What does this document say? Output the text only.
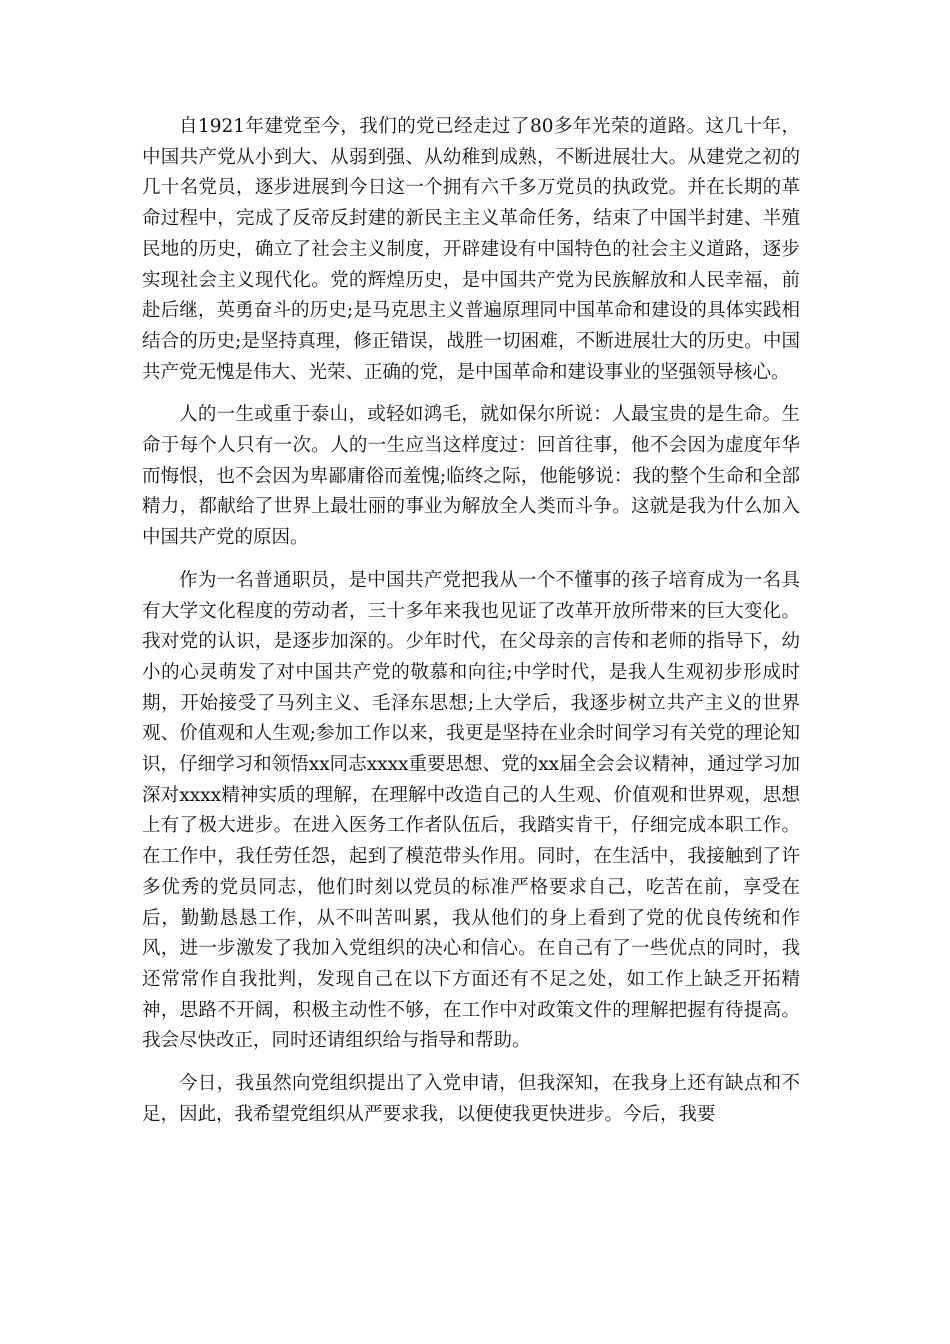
自1921年建党至今，我们的党已经走过了80多年光荣的道路。这几十年，中国共产党从小到大、从弱到强、从幼稚到成熟，不断进展壮大。从建党之初的几十名党员，逐步进展到今日这一个拥有六千多万党员的执政党。并在长期的革命过程中，完成了反帝反封建的新民主主义革命任务，结束了中国半封建、半殖民地的历史，确立了社会主义制度，开辟建设有中国特色的社会主义道路，逐步实现社会主义现代化。党的辉煌历史，是中国共产党为民族解放和人民幸福，前赴后继，英勇奋斗的历史;是马克思主义普遍原理同中国革命和建设的具体实践相结合的历史;是坚持真理，修正错误，战胜一切困难，不断进展壮大的历史。中国共产党无愧是伟大、光荣、正确的党，是中国革命和建设事业的坚强领导核心。

人的一生或重于泰山，或轻如鸿毛，就如保尔所说：人最宝贵的是生命。生命于每个人只有一次。人的一生应当这样度过：回首往事，他不会因为虚度年华而悔恨，也不会因为卑鄙庸俗而羞愧;临终之际，他能够说：我的整个生命和全部精力，都献给了世界上最壮丽的事业为解放全人类而斗争。这就是我为什么加入中国共产党的原因。

作为一名普通职员，是中国共产党把我从一个不懂事的孩子培育成为一名具有大学文化程度的劳动者，三十多年来我也见证了改革开放所带来的巨大变化。我对党的认识，是逐步加深的。少年时代，在父母亲的言传和老师的指导下，幼小的心灵萌发了对中国共产党的敬慕和向往;中学时代，是我人生观初步形成时期，开始接受了马列主义、毛泽东思想;上大学后，我逐步树立共产主义的世界观、价值观和人生观;参加工作以来，我更是坚持在业余时间学习有关党的理论知识，仔细学习和领悟xx同志xxxx重要思想、党的xx届全会会议精神，通过学习加深对xxxx精神实质的理解，在理解中改造自己的人生观、价值观和世界观，思想上有了极大进步。在进入医务工作者队伍后，我踏实肯干，仔细完成本职工作。在工作中，我任劳任怨，起到了模范带头作用。同时，在生活中，我接触到了许多优秀的党员同志，他们时刻以党员的标准严格要求自己，吃苦在前，享受在后，勤勤恳恳工作，从不叫苦叫累，我从他们的身上看到了党的优良传统和作风，进一步激发了我加入党组织的决心和信心。在自己有了一些优点的同时，我还常常作自我批判，发现自己在以下方面还有不足之处，如工作上缺乏开拓精神，思路不开阔，积极主动性不够，在工作中对政策文件的理解把握有待提高。我会尽快改正，同时还请组织给与指导和帮助。

今日，我虽然向党组织提出了入党申请，但我深知，在我身上还有缺点和不足，因此，我希望党组织从严要求我，以便使我更快进步。今后，我要
